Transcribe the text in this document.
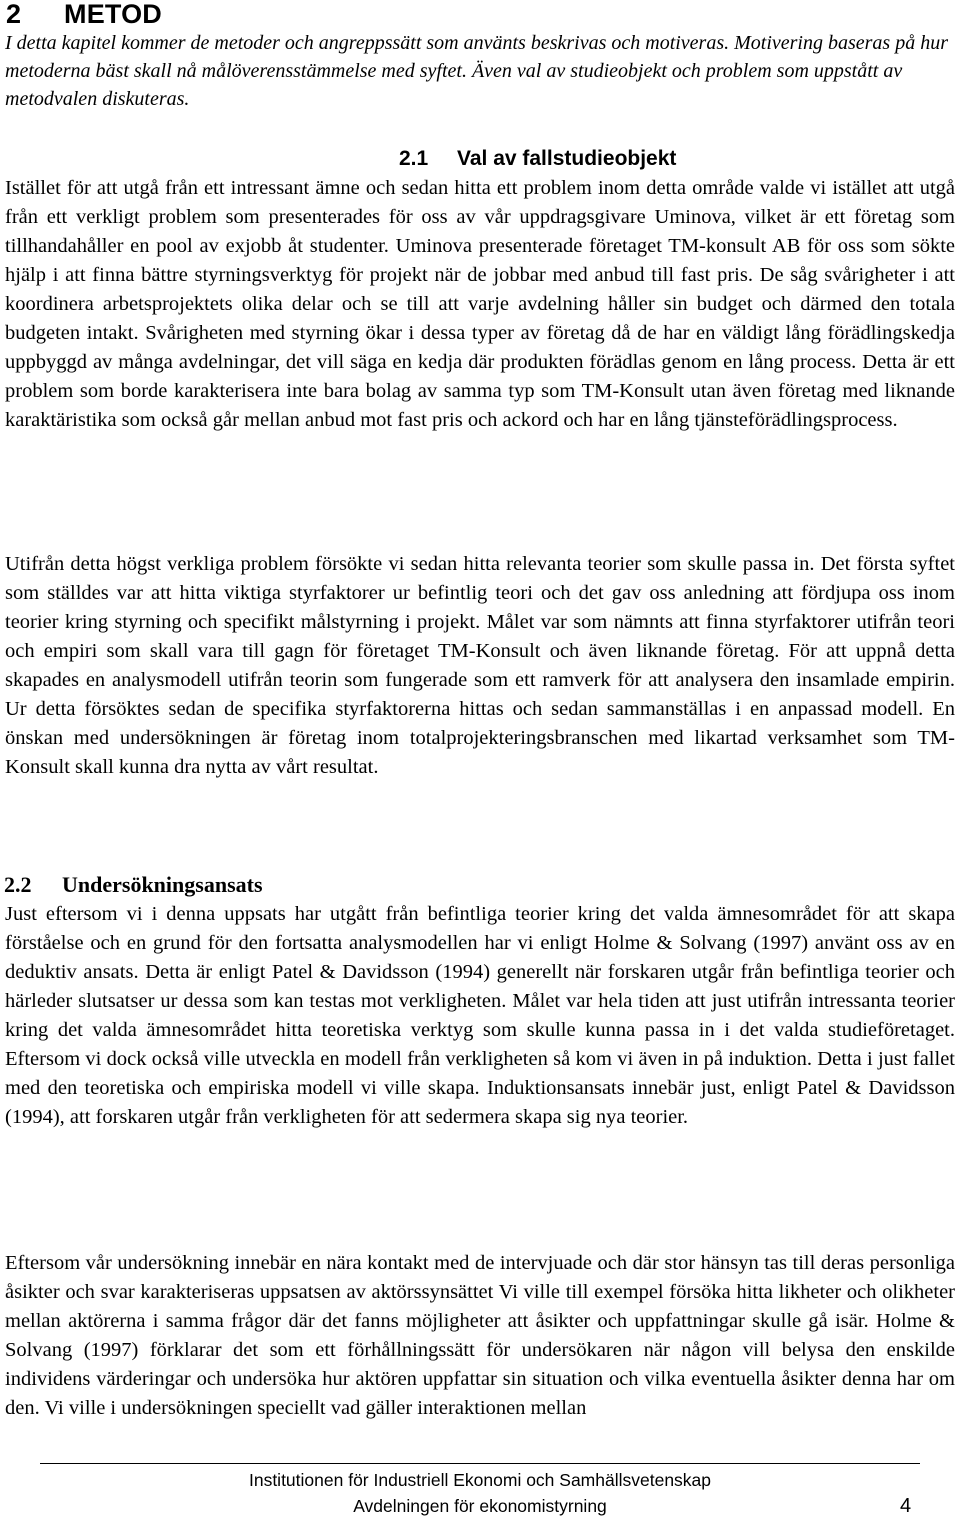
2 METOD

I detta kapitel kommer de metoder och angreppssätt som använts beskrivas och motiveras. Motivering baseras på hur metoderna bäst skall nå målöverensstämmelse med syftet. Även val av studieobjekt och problem som uppstått av metodvalen diskuteras.

2.1 Val av fallstudieobjekt

Istället för att utgå från ett intressant ämne och sedan hitta ett problem inom detta område valde vi istället att utgå från ett verkligt problem som presenterades för oss av vår uppdragsgivare Uminova, vilket är ett företag som tillhandahåller en pool av exjobb åt studenter. Uminova presenterade företaget TM-konsult AB för oss som sökte hjälp i att finna bättre styrningsverktyg för projekt när de jobbar med anbud till fast pris. De såg svårigheter i att koordinera arbetsprojektets olika delar och se till att varje avdelning håller sin budget och därmed den totala budgeten intakt. Svårigheten med styrning ökar i dessa typer av företag då de har en väldigt lång förädlingskedja uppbyggd av många avdelningar, det vill säga en kedja där produkten förädlas genom en lång process. Detta är ett problem som borde karakterisera inte bara bolag av samma typ som TM-Konsult utan även företag med liknande karaktäristika som också går mellan anbud mot fast pris och ackord och har en lång tjänsteförädlingsprocess.

Utifrån detta högst verkliga problem försökte vi sedan hitta relevanta teorier som skulle passa in. Det första syftet som ställdes var att hitta viktiga styrfaktorer ur befintlig teori och det gav oss anledning att fördjupa oss inom teorier kring styrning och specifikt målstyrning i projekt. Målet var som nämnts att finna styrfaktorer utifrån teori och empiri som skall vara till gagn för företaget TM-Konsult och även liknande företag. För att uppnå detta skapades en analysmodell utifrån teorin som fungerade som ett ramverk för att analysera den insamlade empirin. Ur detta försöktes sedan de specifika styrfaktorerna hittas och sedan sammanställas i en anpassad modell. En önskan med undersökningen är företag inom totalprojekteringsbranschen med likartad verksamhet som TM-Konsult skall kunna dra nytta av vårt resultat.

2.2 Undersökningsansats

Just eftersom vi i denna uppsats har utgått från befintliga teorier kring det valda ämnesområdet för att skapa förståelse och en grund för den fortsatta analysmodellen har vi enligt Holme & Solvang (1997) använt oss av en deduktiv ansats. Detta är enligt Patel & Davidsson (1994) generellt när forskaren utgår från befintliga teorier och härleder slutsatser ur dessa som kan testas mot verkligheten. Målet var hela tiden att just utifrån intressanta teorier kring det valda ämnesområdet hitta teoretiska verktyg som skulle kunna passa in i det valda studieföretaget. Eftersom vi dock också ville utveckla en modell från verkligheten så kom vi även in på induktion. Detta i just fallet med den teoretiska och empiriska modell vi ville skapa. Induktionsansats innebär just, enligt Patel & Davidsson (1994), att forskaren utgår från verkligheten för att sedermera skapa sig nya teorier.

Eftersom vår undersökning innebär en nära kontakt med de intervjuade och där stor hänsyn tas till deras personliga åsikter och svar karakteriseras uppsatsen av aktörssynsättet Vi ville till exempel försöka hitta likheter och olikheter mellan aktörerna i samma frågor där det fanns möjligheter att åsikter och uppfattningar skulle gå isär. Holme & Solvang (1997) förklarar det som ett förhållningssätt för undersökaren när någon vill belysa den enskilde individens värderingar och undersöka hur aktören uppfattar sin situation och vilka eventuella åsikter denna har om den. Vi ville i undersökningen speciellt vad gäller interaktionen mellan

Institutionen för Industriell Ekonomi och Samhällsvetenskap
Avdelningen för ekonomistyrning	4
